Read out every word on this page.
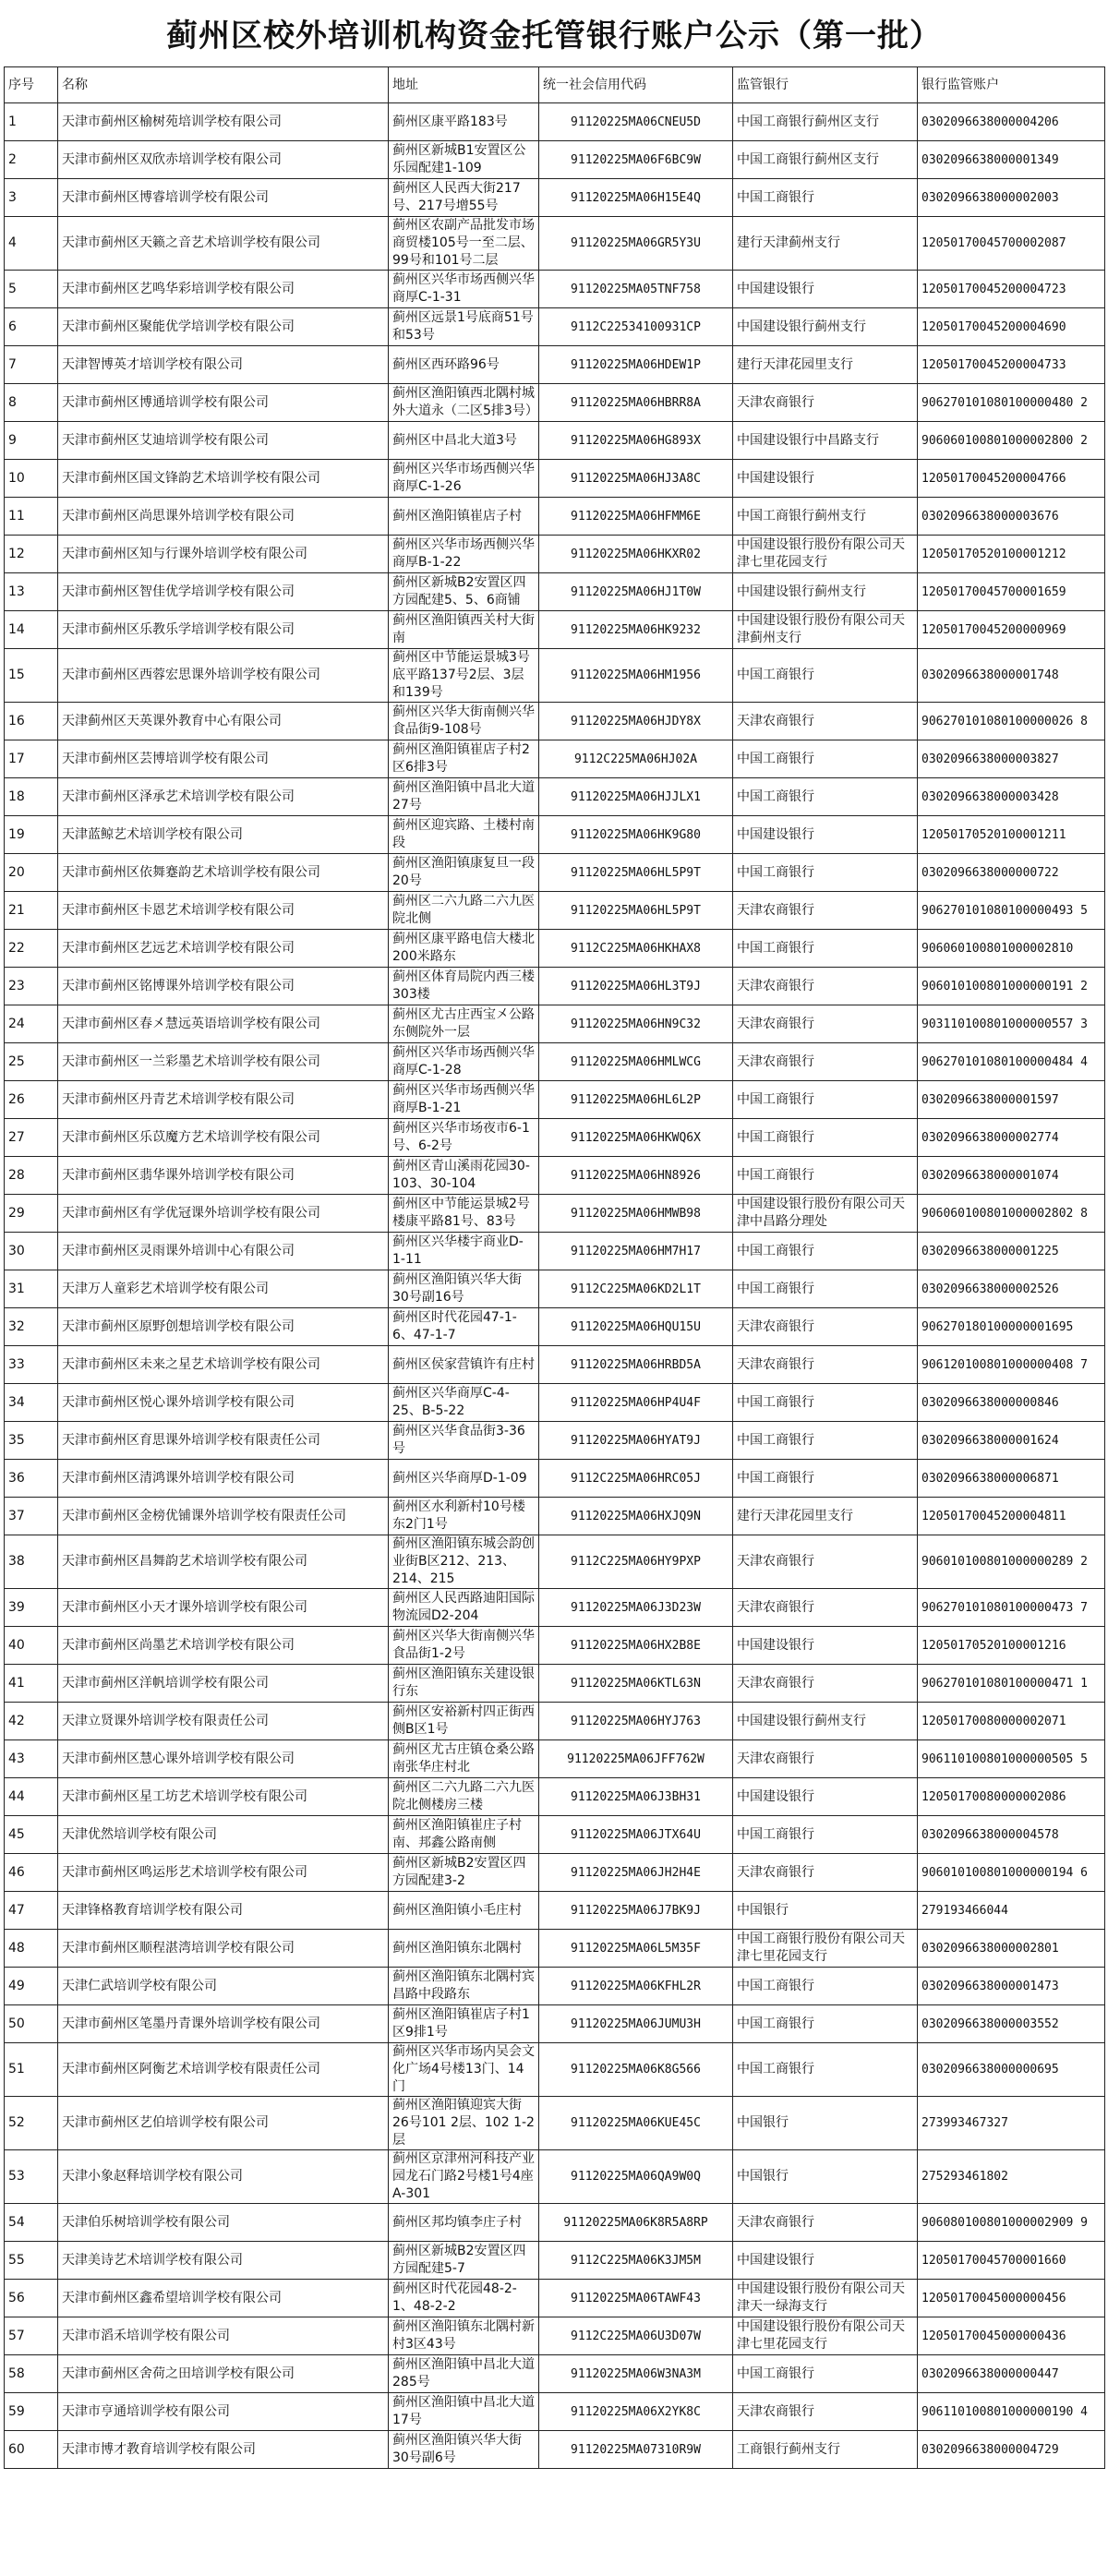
蓟州区校外培训机构资金托管银行账户公示（第一批）
序号	名称	地址	统一社会信用代码	监管银行	银行监管账户
1	天津市蓟州区榆树苑培训学校有限公司	蓟州区康平路183号	91120225MA06CNEU5D	中国工商银行蓟州区支行	0302096638000004206
2	天津市蓟州区双欣赤培训学校有限公司	蓟州区新城B1安置区公乐园配建1-109	91120225MA06F6BC9W	中国工商银行蓟州区支行	0302096638000001349
3	天津市蓟州区博睿培训学校有限公司	蓟州区人民西大街217号、217号增55号	91120225MA06H15E4Q	中国工商银行	0302096638000002003
4	天津市蓟州区天籁之音艺术培训学校有限公司	蓟州区农副产品批发市场商贸楼105号一至二层、99号和101号二层	91120225MA06GR5Y3U	建行天津蓟州支行	12050170045700002087
5	天津市蓟州区艺鸣华彩培训学校有限公司	蓟州区兴华市场西侧兴华商厚C-1-31	91120225MA05TNF758	中国建设银行	12050170045200004723
6	天津市蓟州区聚能优学培训学校有限公司	蓟州区远景1号底商51号和53号	9112C22534100931CP	中国建设银行蓟州支行	12050170045200004690
7	天津智博英才培训学校有限公司	蓟州区西环路96号	91120225MA06HDEW1P	建行天津花园里支行	12050170045200004733
8	天津市蓟州区博通培训学校有限公司	蓟州区渔阳镇西北隅村城外大道永（二区5排3号）	91120225MA06HBRR8A	天津农商银行	906270101080100000480 2
9	天津市蓟州区艾迪培训学校有限公司	蓟州区中昌北大道3号	91120225MA06HG893X	中国建设银行中昌路支行	906060100801000002800 2
10	天津市蓟州区国文锋韵艺术培训学校有限公司	蓟州区兴华市场西侧兴华商厚C-1-26	91120225MA06HJ3A8C	中国建设银行	12050170045200004766
11	天津市蓟州区尚思课外培训学校有限公司	蓟州区渔阳镇崔店子村	91120225MA06HFMM6E	中国工商银行蓟州支行	0302096638000003676
12	天津市蓟州区知与行课外培训学校有限公司	蓟州区兴华市场西侧兴华商厚B-1-22	91120225MA06HKXR02	中国建设银行股份有限公司天津七里花园支行	12050170520100001212
13	天津市蓟州区智佳优学培训学校有限公司	蓟州区新城B2安置区四方园配建5、5、6商铺	91120225MA06HJ1T0W	中国建设银行蓟州支行	12050170045700001659
14	天津市蓟州区乐教乐学培训学校有限公司	蓟州区渔阳镇西关村大街南	91120225MA06HK9232	中国建设银行股份有限公司天津蓟州支行	12050170045200000969
15	天津市蓟州区西蓉宏思课外培训学校有限公司	蓟州区中节能运景城3号底平路137号2层、3层和139号	91120225MA06HM1956	中国工商银行	0302096638000001748
16	天津蓟州区天英课外教育中心有限公司	蓟州区兴华大街南侧兴华食品街9-108号	91120225MA06HJDY8X	天津农商银行	906270101080100000026 8
17	天津市蓟州区芸博培训学校有限公司	蓟州区渔阳镇崔店子村2区6排3号	9112C225MA06HJ02A	中国工商银行	0302096638000003827
18	天津市蓟州区泽承艺术培训学校有限公司	蓟州区渔阳镇中昌北大道27号	91120225MA06HJJLX1	中国工商银行	0302096638000003428
19	天津蓝鲸艺术培训学校有限公司	蓟州区迎宾路、土楼村南段	91120225MA06HK9G80	中国建设银行	12050170520100001211
20	天津市蓟州区依舞蹇韵艺术培训学校有限公司	蓟州区渔阳镇康复旦一段20号	91120225MA06HL5P9T	中国工商银行	0302096638000000722
21	天津市蓟州区卡恩艺术培训学校有限公司	蓟州区二六九路二六九医院北侧	91120225MA06HL5P9T	天津农商银行	906270101080100000493 5
22	天津市蓟州区艺远艺术培训学校有限公司	蓟州区康平路电信大楼北200米路东	9112C225MA06HKHAX8	中国工商银行	906060100801000002810
23	天津市蓟州区铭博课外培训学校有限公司	蓟州区体育局院内西三楼303楼	91120225MA06HL3T9J	天津农商银行	906010100801000000191 2
24	天津市蓟州区春㐅慧远英语培训学校有限公司	蓟州区尤古庄西宝㐅公路东侧院外一层	91120225MA06HN9C32	天津农商银行	903110100801000000557 3
25	天津市蓟州区一兰彩墨艺术培训学校有限公司	蓟州区兴华市场西侧兴华商厚C-1-28	91120225MA06HMLWCG	天津农商银行	906270101080100000484 4
26	天津市蓟州区丹青艺术培训学校有限公司	蓟州区兴华市场西侧兴华商厚B-1-21	91120225MA06HL6L2P	中国工商银行	0302096638000001597
27	天津市蓟州区乐苡魔方艺术培训学校有限公司	蓟州区兴华市场夜市6-1号、6-2号	91120225MA06HKWQ6X	中国工商银行	0302096638000002774
28	天津市蓟州区翡华课外培训学校有限公司	蓟州区青山溪雨花园30-103、30-104	91120225MA06HN8926	中国工商银行	0302096638000001074
29	天津市蓟州区有学优冠课外培训学校有限公司	蓟州区中节能运景城2号楼康平路81号、83号	91120225MA06HMWB98	中国建设银行股份有限公司天津中昌路分理处	906060100801000002802 8
30	天津市蓟州区灵雨课外培训中心有限公司	蓟州区兴华楼宇商业D-1-11	91120225MA06HM7H17	中国工商银行	0302096638000001225
31	天津万人童彩艺术培训学校有限公司	蓟州区渔阳镇兴华大街30号副16号	9112C225MA06KD2L1T	中国工商银行	0302096638000002526
32	天津市蓟州区原野创想培训学校有限公司	蓟州区时代花园47-1-6、47-1-7	91120225MA06HQU15U	天津农商银行	906270180100000001695
33	天津市蓟州区未来之星艺术培训学校有限公司	蓟州区侯家营镇许有庄村	91120225MA06HRBD5A	天津农商银行	906120100801000000408 7
34	天津市蓟州区悦心课外培训学校有限公司	蓟州区兴华商厚C-4-25、B-5-22	91120225MA06HP4U4F	中国工商银行	0302096638000000846
35	天津市蓟州区育思课外培训学校有限责任公司	蓟州区兴华食品街3-36号	91120225MA06HYAT9J	中国工商银行	0302096638000001624
36	天津市蓟州区清鸿课外培训学校有限公司	蓟州区兴华商厚D-1-09	9112C225MA06HRC05J	中国工商银行	0302096638000006871
37	天津市蓟州区金榜优铺课外培训学校有限责任公司	蓟州区水利新村10号楼东2门1号	91120225MA06HXJQ9N	建行天津花园里支行	12050170045200004811
38	天津市蓟州区昌舞韵艺术培训学校有限公司	蓟州区渔阳镇东城会韵创业街B区212、213、214、215	9112C225MA06HY9PXP	天津农商银行	906010100801000000289 2
39	天津市蓟州区小天才课外培训学校有限公司	蓟州区人民西路迪阳国际物流园D2-204	91120225MA06J3D23W	天津农商银行	906270101080100000473 7
40	天津市蓟州区尚墨艺术培训学校有限公司	蓟州区兴华大街南侧兴华食品街1-2号	91120225MA06HX2B8E	中国建设银行	12050170520100001216
41	天津市蓟州区洋帆培训学校有限公司	蓟州区渔阳镇东关建设银行东	91120225MA06KTL63N	天津农商银行	906270101080100000471 1
42	天津立贤课外培训学校有限责任公司	蓟州区安裕新村四正街西侧B区1号	91120225MA06HYJ763	中国建设银行蓟州支行	12050170080000002071
43	天津市蓟州区慧心课外培训学校有限公司	蓟州区尤古庄镇仓桑公路南张华庄村北	91120225MA06JFF762W	天津农商银行	906110100801000000505 5
44	天津市蓟州区星工坊艺术培训学校有限公司	蓟州区二六九路二六九医院北侧楼房三楼	91120225MA06J3BH31	中国建设银行	12050170080000002086
45	天津优然培训学校有限公司	蓟州区渔阳镇崔庄子村南、邦鑫公路南侧	91120225MA06JTX64U	中国工商银行	0302096638000004578
46	天津市蓟州区鸣运彤艺术培训学校有限公司	蓟州区新城B2安置区四方园配建3-2	91120225MA06JH2H4E	天津农商银行	906010100801000000194 6
47	天津锋格教育培训学校有限公司	蓟州区渔阳镇小毛庄村	91120225MA06J7BK9J	中国银行	279193466044
48	天津市蓟州区顺程湛湾培训学校有限公司	蓟州区渔阳镇东北隅村	91120225MA06L5M35F	中国工商银行股份有限公司天津七里花园支行	0302096638000002801
49	天津仁武培训学校有限公司	蓟州区渔阳镇东北隅村宾昌路中段路东	91120225MA06KFHL2R	中国工商银行	0302096638000001473
50	天津市蓟州区笔墨丹青课外培训学校有限公司	蓟州区渔阳镇崔店子村1区9排1号	91120225MA06JUMU3H	中国工商银行	0302096638000003552
51	天津市蓟州区阿衡艺术培训学校有限责任公司	蓟州区兴华市场内吴会文化广场4号楼13门、14门	91120225MA06K8G566	中国工商银行	0302096638000000695
52	天津市蓟州区艺伯培训学校有限公司	蓟州区渔阳镇迎宾大街26号101 2层、102 1-2层	91120225MA06KUE45C	中国银行	273993467327
53	天津小象赵释培训学校有限公司	蓟州区京津州河科技产业园龙石门路2号楼1号4座A-301	91120225MA06QA9W0Q	中国银行	275293461802
54	天津伯乐树培训学校有限公司	蓟州区邦均镇李庄子村	91120225MA06K8R5A8RP	天津农商银行	906080100801000002909 9
55	天津美诗艺术培训学校有限公司	蓟州区新城B2安置区四方园配建5-7	9112C225MA06K3JM5M	中国建设银行	12050170045700001660
56	天津市蓟州区鑫希望培训学校有限公司	蓟州区时代花园48-2-1、48-2-2	91120225MA06TAWF43	中国建设银行股份有限公司天津天一绿海支行	12050170045000000456
57	天津市滔禾培训学校有限公司	蓟州区渔阳镇东北隅村新村3区43号	9112C225MA06U3D07W	中国建设银行股份有限公司天津七里花园支行	12050170045000000436
58	天津市蓟州区舍荷之田培训学校有限公司	蓟州区渔阳镇中昌北大道285号	91120225MA06W3NA3M	中国工商银行	0302096638000000447
59	天津市亨通培训学校有限公司	蓟州区渔阳镇中昌北大道17号	91120225MA06X2YK8C	天津农商银行	906110100801000000190 4
60	天津市博才教育培训学校有限公司	蓟州区渔阳镇兴华大街30号副6号	91120225MA07310R9W	工商银行蓟州支行	0302096638000004729
